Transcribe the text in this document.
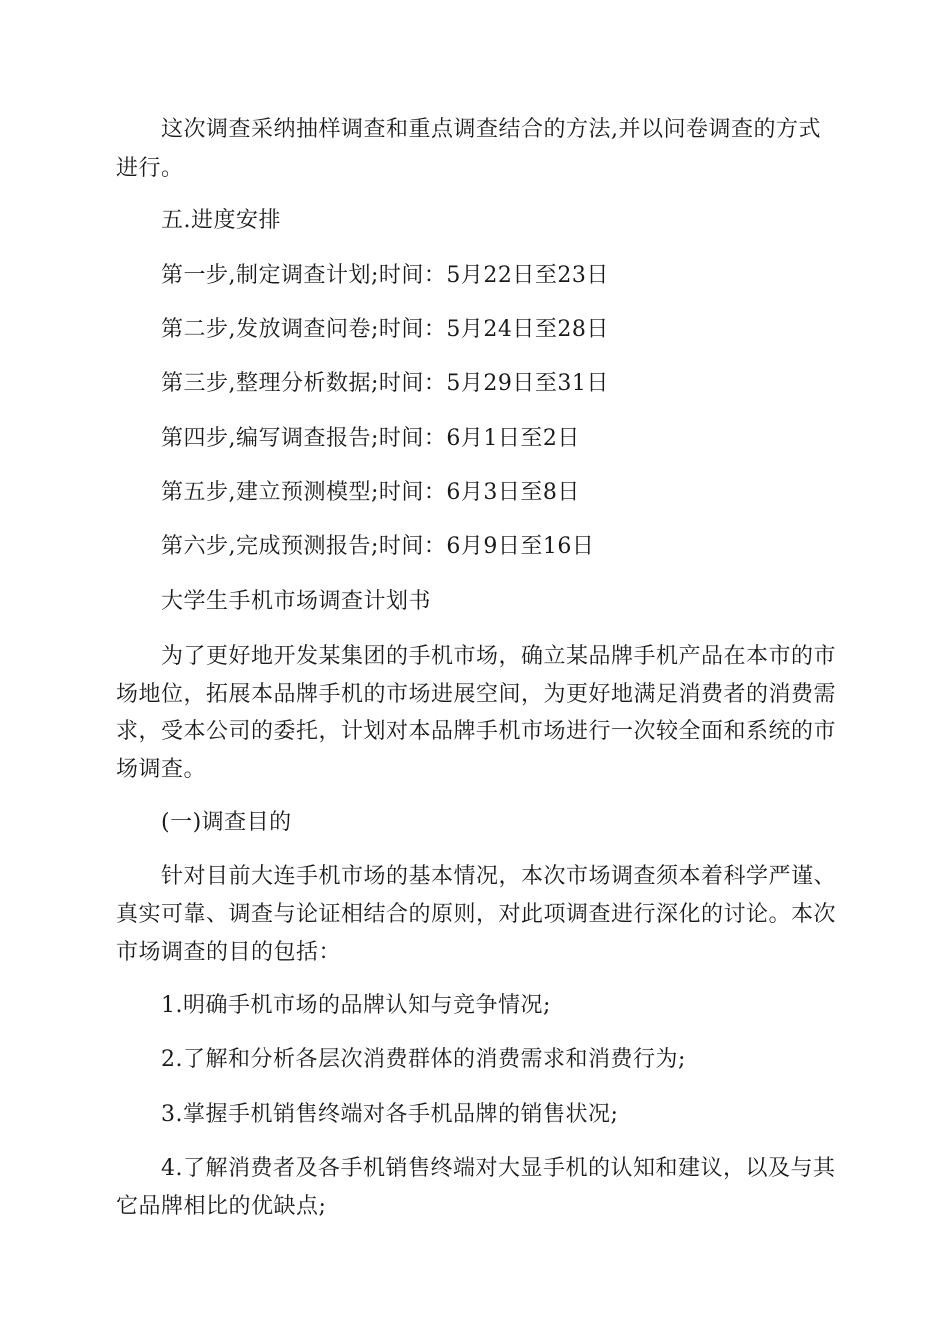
这次调查采纳抽样调查和重点调查结合的方法,并以问卷调查的方式
进行。
五.进度安排
第一步,制定调查计划;时间：5月22日至23日
第二步,发放调查问卷;时间：5月24日至28日
第三步,整理分析数据;时间：5月29日至31日
第四步,编写调查报告;时间：6月1日至2日
第五步,建立预测模型;时间：6月3日至8日
第六步,完成预测报告;时间：6月9日至16日
大学生手机市场调查计划书
为了更好地开发某集团的手机市场，确立某品牌手机产品在本市的市
场地位，拓展本品牌手机的市场进展空间，为更好地满足消费者的消费需
求，受本公司的委托，计划对本品牌手机市场进行一次较全面和系统的市
场调查。
(一)调查目的
针对目前大连手机市场的基本情况，本次市场调查须本着科学严谨、
真实可靠、调查与论证相结合的原则，对此项调查进行深化的讨论。本次
市场调查的目的包括：
1.明确手机市场的品牌认知与竞争情况;
2.了解和分析各层次消费群体的消费需求和消费行为;
3.掌握手机销售终端对各手机品牌的销售状况;
4.了解消费者及各手机销售终端对大显手机的认知和建议，以及与其
它品牌相比的优缺点;
